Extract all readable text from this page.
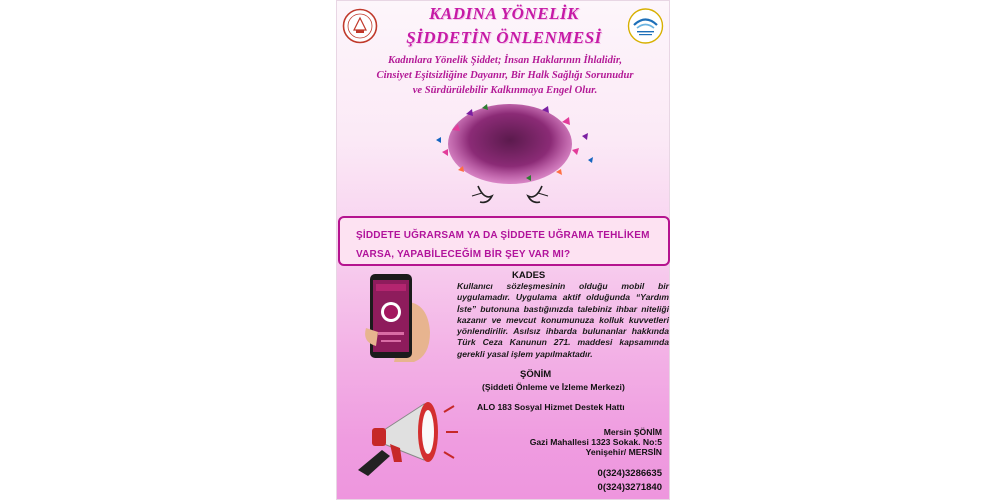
KADINA YÖNELİK
ŞİDDETİN ÖNLENMESİ
Kadınlara Yönelik Şiddet; İnsan Haklarının İhlalidir,
Cinsiyet Eşitsizliğine Dayanır, Bir Halk Sağlığı Sorunudur
ve Sürdürülebilir Kalkınmaya Engel Olur.
ŞİDDETE UĞRARSAM YA DA ŞİDDETE UĞRAMA TEHLİKEM
VARSA, YAPABİLECEĞİM BİR ŞEY VAR MI?
KADES
Kullanıcı sözleşmesinin olduğu mobil bir uygulamadır. Uygulama aktif olduğunda “Yardım İste” butonuna bastığınızda talebiniz ihbar niteliği kazanır ve mevcut konumunuza kolluk kuvvetleri yönlendirilir. Asılsız ihbarda bulunanlar hakkında Türk Ceza Kanunun 271. maddesi kapsamında gerekli yasal işlem yapılmaktadır.
ŞÖNİM
(Şiddeti Önleme ve İzleme Merkezi)
ALO 183 Sosyal Hizmet Destek Hattı
Mersin ŞÖNİM
Gazi Mahallesi 1323 Sokak. No:5
Yenişehir/ MERSİN
0(324)3286635
0(324)3271840
